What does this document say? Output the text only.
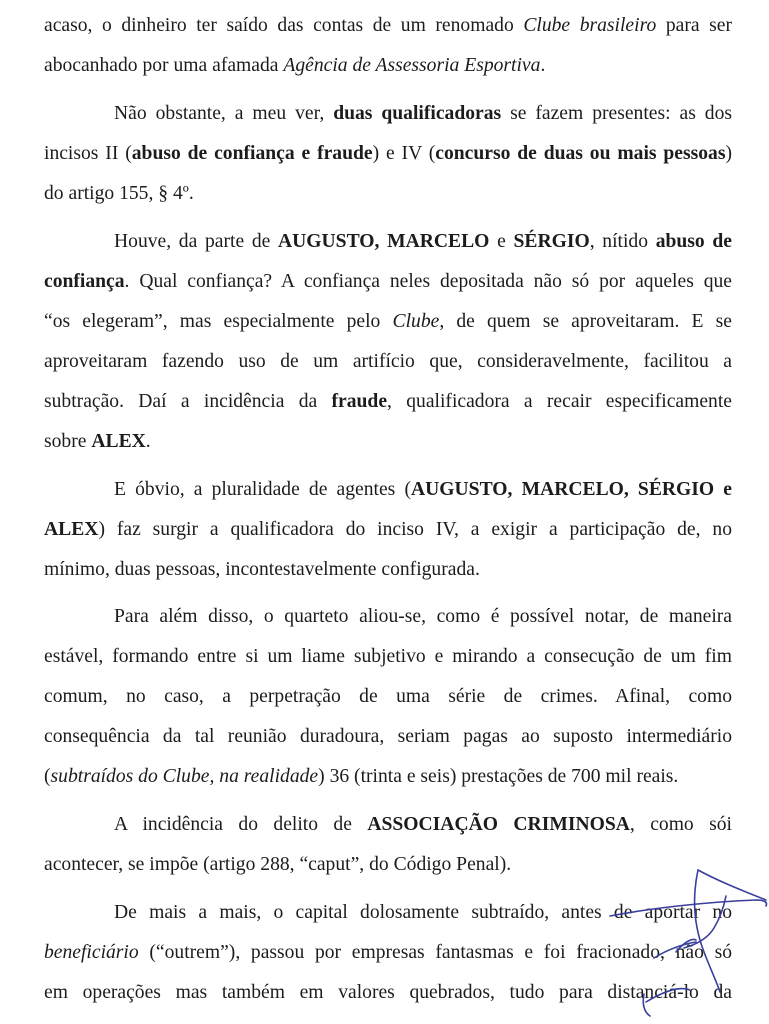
acaso, o dinheiro ter saído das contas de um renomado Clube brasileiro para ser
abocanhado por uma afamada Agência de Assessoria Esportiva.
Não obstante, a meu ver, duas qualificadoras se fazem presentes: as dos
incisos II (abuso de confiança e fraude) e IV (concurso de duas ou mais pessoas)
do artigo 155, § 4º.
Houve, da parte de AUGUSTO, MARCELO e SÉRGIO, nítido abuso de
confiança. Qual confiança? A confiança neles depositada não só por aqueles que
“os elegeram”, mas especialmente pelo Clube, de quem se aproveitaram. E se
aproveitaram fazendo uso de um artifício que, consideravelmente, facilitou a
subtração. Daí a incidência da fraude, qualificadora a recair especificamente
sobre ALEX.
E óbvio, a pluralidade de agentes (AUGUSTO, MARCELO, SÉRGIO e
ALEX) faz surgir a qualificadora do inciso IV, a exigir a participação de, no
mínimo, duas pessoas, incontestavelmente configurada.
Para além disso, o quarteto aliou-se, como é possível notar, de maneira
estável, formando entre si um liame subjetivo e mirando a consecução de um fim
comum, no caso, a perpetração de uma série de crimes. Afinal, como
consequência da tal reunião duradoura, seriam pagas ao suposto intermediário
(subtraídos do Clube, na realidade) 36 (trinta e seis) prestações de 700 mil reais.
A incidência do delito de ASSOCIAÇÃO CRIMINOSA, como sói
acontecer, se impõe (artigo 288, “caput”, do Código Penal).
De mais a mais, o capital dolosamente subtraído, antes de aportar no
beneficiário (“outrem”), passou por empresas fantasmas e foi fracionado, não só
em operações mas também em valores quebrados, tudo para distanciá-lo da
